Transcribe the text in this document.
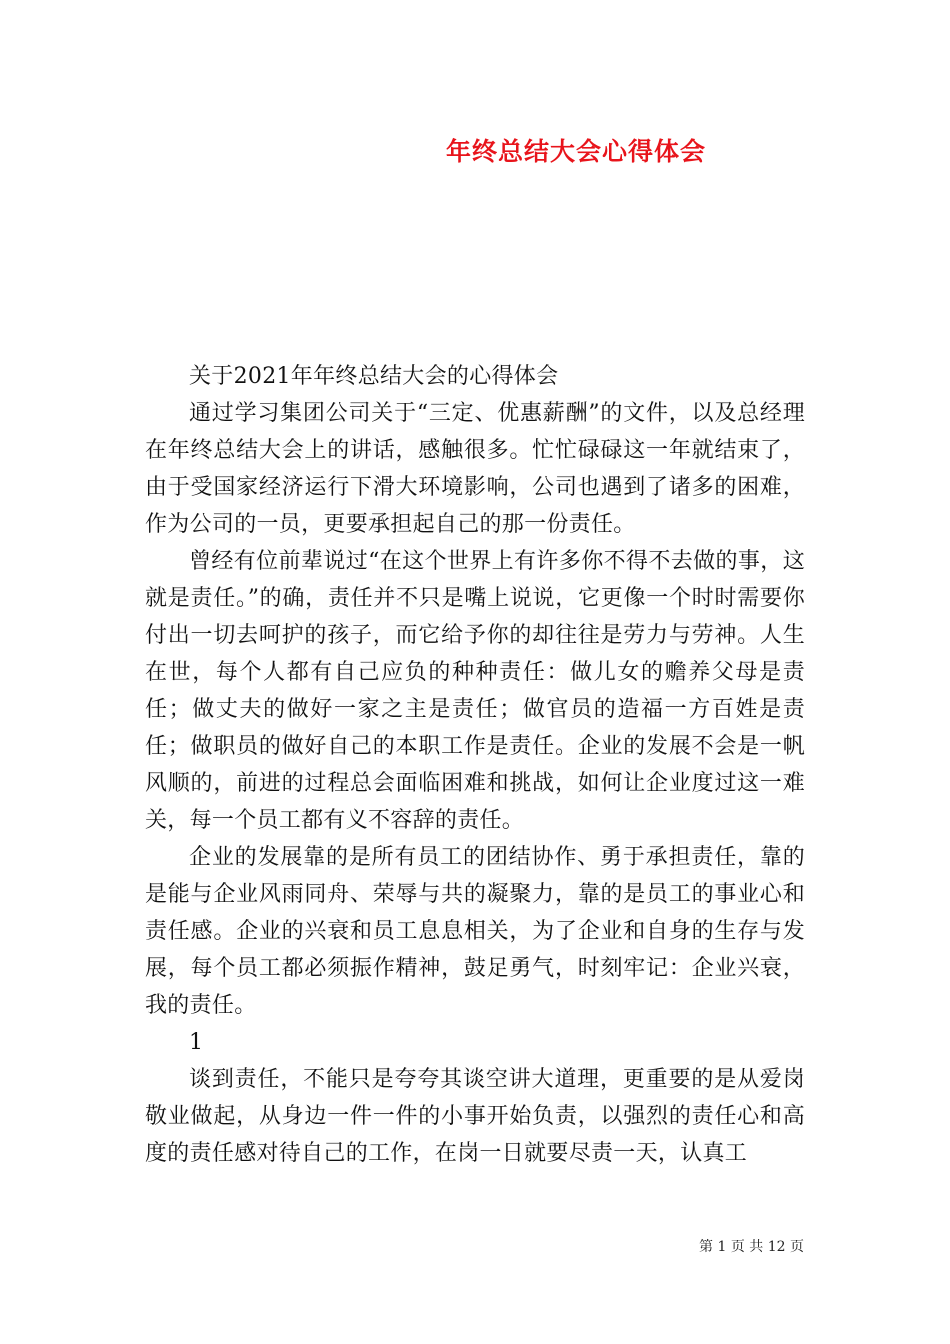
年终总结大会心得体会

关于2021年年终总结大会的心得体会

通过学习集团公司关于“三定、优惠薪酬”的文件，以及总经理在年终总结大会上的讲话，感触很多。忙忙碌碌这一年就结束了，由于受国家经济运行下滑大环境影响，公司也遇到了诸多的困难，作为公司的一员，更要承担起自己的那一份责任。

曾经有位前辈说过“在这个世界上有许多你不得不去做的事，这就是责任。”的确，责任并不只是嘴上说说，它更像一个时时需要你付出一切去呵护的孩子，而它给予你的却往往是劳力与劳神。人生在世，每个人都有自己应负的种种责任：做儿女的赡养父母是责任；做丈夫的做好一家之主是责任；做官员的造福一方百姓是责任；做职员的做好自己的本职工作是责任。企业的发展不会是一帆风顺的，前进的过程总会面临困难和挑战，如何让企业度过这一难关，每一个员工都有义不容辞的责任。

企业的发展靠的是所有员工的团结协作、勇于承担责任，靠的是能与企业风雨同舟、荣辱与共的凝聚力，靠的是员工的事业心和责任感。企业的兴衰和员工息息相关，为了企业和自身的生存与发展，每个员工都必须振作精神，鼓足勇气，时刻牢记：企业兴衰，我的责任。

1

谈到责任，不能只是夸夸其谈空讲大道理，更重要的是从爱岗敬业做起，从身边一件一件的小事开始负责，以强烈的责任心和高度的责任感对待自己的工作，在岗一日就要尽责一天，认真工

第 1 页 共 12 页
